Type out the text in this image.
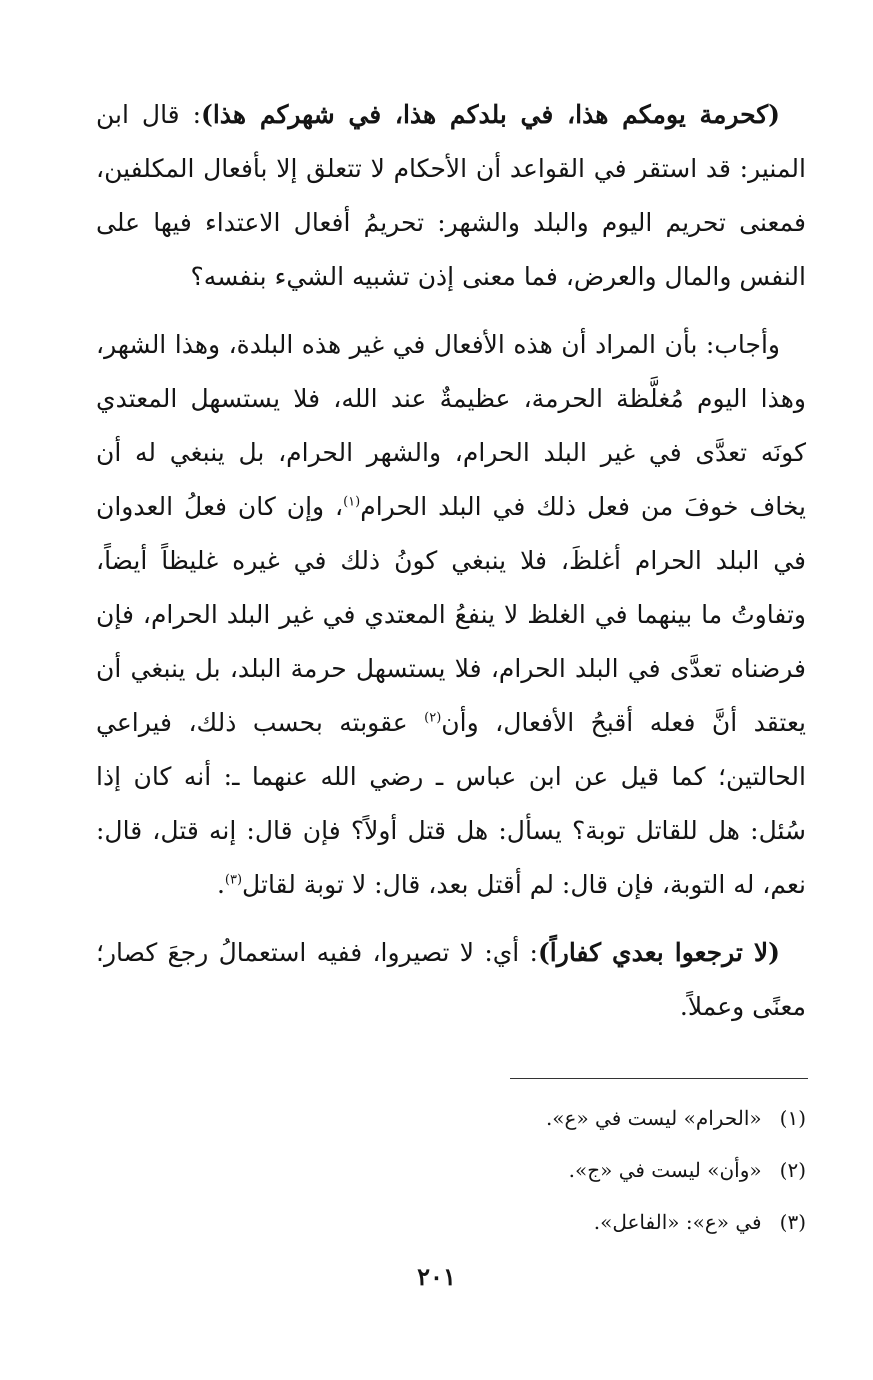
(كحرمة يومكم هذا، في بلدكم هذا، في شهركم هذا): قال ابن المنير: قد استقر في القواعد أن الأحكام لا تتعلق إلا بأفعال المكلفين، فمعنى تحريم اليوم والبلد والشهر: تحريمُ أفعال الاعتداء فيها على النفس والمال والعرض، فما معنى إذن تشبيه الشيء بنفسه؟

وأجاب: بأن المراد أن هذه الأفعال في غير هذه البلدة، وهذا الشهر، وهذا اليوم مُغلَّظة الحرمة، عظيمةٌ عند الله، فلا يستسهل المعتدي كونَه تعدَّى في غير البلد الحرام، والشهر الحرام، بل ينبغي له أن يخاف خوفَ من فعل ذلك في البلد الحرام$^{(١)}$، وإن كان فعلُ العدوان في البلد الحرام أغلظَ، فلا ينبغي كونُ ذلك في غيره غليظاً أيضاً، وتفاوتُ ما بينهما في الغلظ لا ينفعُ المعتدي في غير البلد الحرام، فإن فرضناه تعدَّى في البلد الحرام، فلا يستسهل حرمة البلد، بل ينبغي أن يعتقد أنَّ فعله أقبحُ الأفعال، وأن$^{(٢)}$ عقوبته بحسب ذلك، فيراعي الحالتين؛ كما قيل عن ابن عباس ـ رضي الله عنهما ـ: أنه كان إذا سُئل: هل للقاتل توبة؟ يسأل: هل قتل أولاً؟ فإن قال: إنه قتل، قال: نعم، له التوبة، فإن قال: لم أقتل بعد، قال: لا توبة لقاتل$^{(٣)}$.

(لا ترجعوا بعدي كفاراً): أي: لا تصيروا، ففيه استعمالُ رجعَ كصار؛ معنًى وعملاً.

(١)«الحرام» ليست في «ع».

(٢)«وأن» ليست في «ج».

(٣)في «ع»: «الفاعل».

٢٠١
